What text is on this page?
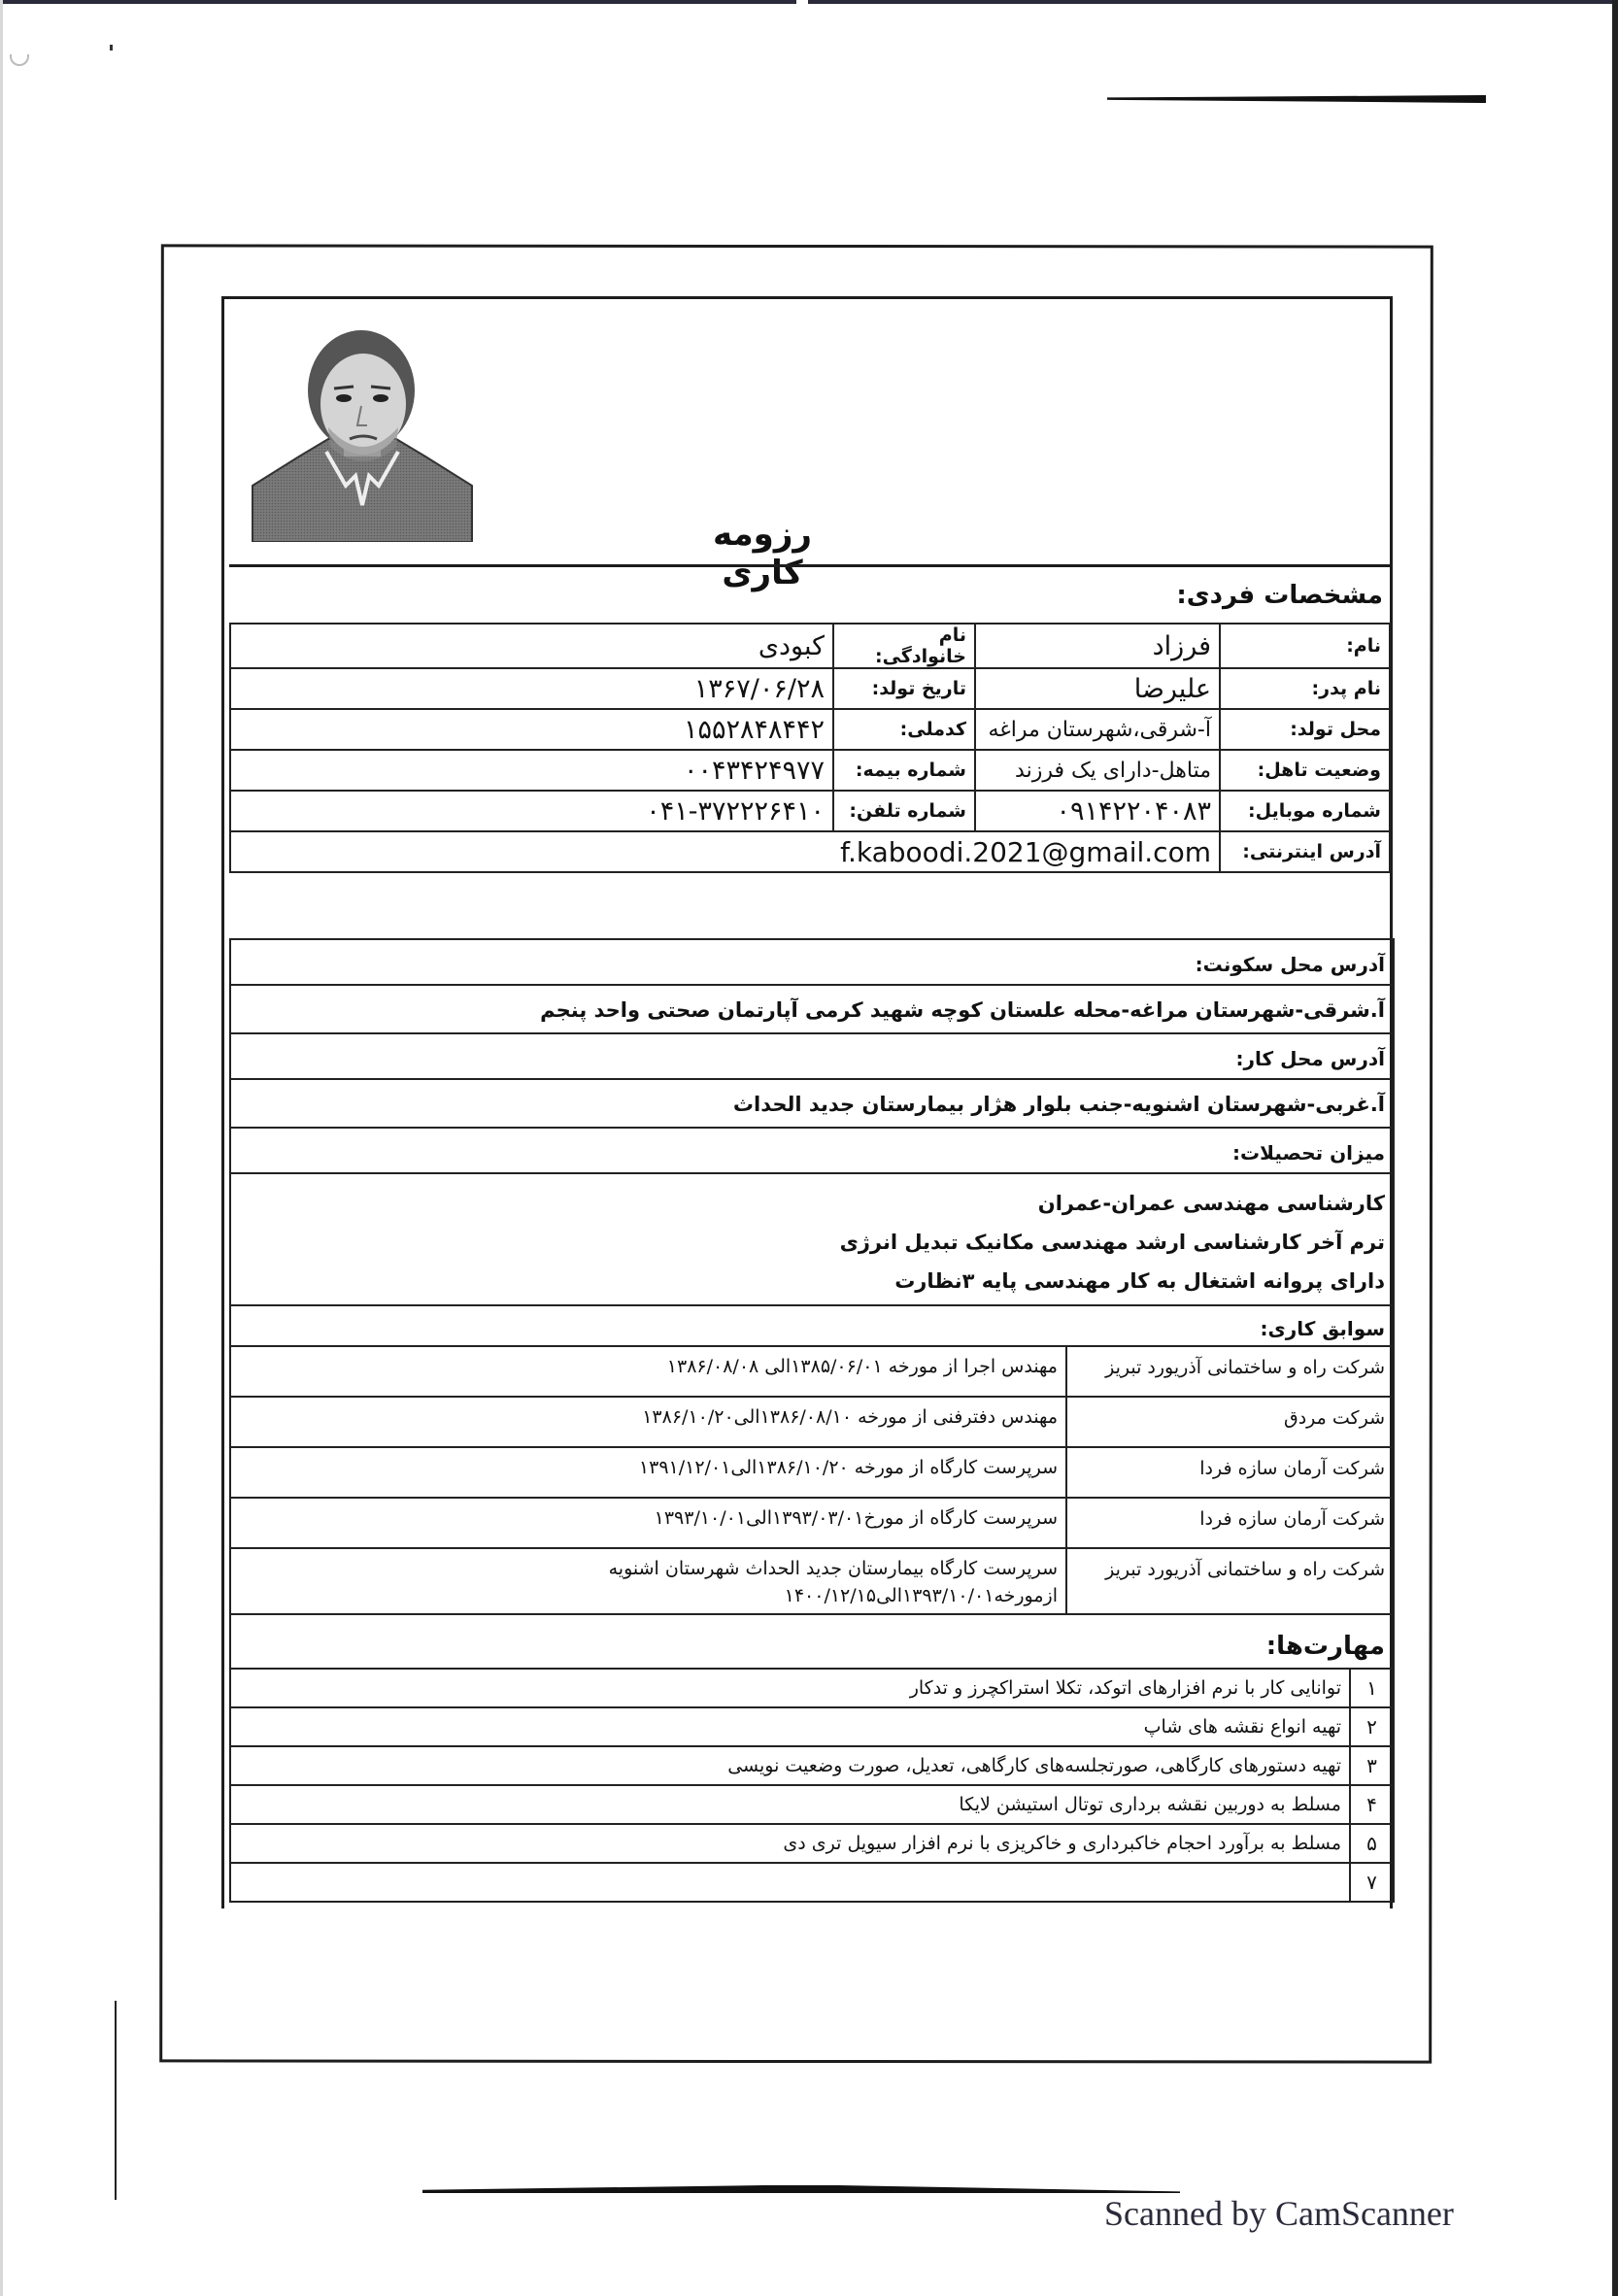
رزومه کاری
مشخصات فردی:
نام:	فرزاد	نام خانوادگی:	کبودی
نام پدر:	علیرضا	تاریخ تولد:	۱۳۶۷/۰۶/۲۸
محل تولد:	آ-شرقی،شهرستان مراغه	کدملی:	۱۵۵۲۸۴۸۴۴۲
وضعیت تاهل:	متاهل-دارای یک فرزند	شماره بیمه:	۰۰۴۳۴۲۴۹۷۷
شماره موبایل:	۰۹۱۴۲۲۰۴۰۸۳	شماره تلفن:	۰۴۱-۳۷۲۲۲۶۴۱۰
آدرس اینترنتی:	f.kaboodi.2021@gmail.com		
آدرس محل سکونت:
آ.شرقی-شهرستان مراغه-محله علستان کوچه شهید کرمی آپارتمان صحتی واحد پنجم
آدرس محل کار:
آ.غربی-شهرستان اشنویه-جنب بلوار هژار بیمارستان جدید الحداث
میزان تحصیلات:
کارشناسی مهندسی عمران-عمران
ترم آخر کارشناسی ارشد مهندسی مکانیک تبدیل انرژی
دارای پروانه اشتغال به کار مهندسی پایه ۳نظارت
سوابق کاری:
شرکت راه و ساختمانی آذریورد تبریز	مهندس اجرا از مورخه ۱۳۸۵/۰۶/۰۱الی ۱۳۸۶/۰۸/۰۸
شرکت مردق	مهندس دفترفنی از مورخه ۱۳۸۶/۰۸/۱۰الی۱۳۸۶/۱۰/۲۰
شرکت آرمان سازه فردا	سرپرست کارگاه از مورخه ۱۳۸۶/۱۰/۲۰الی۱۳۹۱/۱۲/۰۱
شرکت آرمان سازه فردا	سرپرست کارگاه از مورخ۱۳۹۳/۰۳/۰۱الی۱۳۹۳/۱۰/۰۱
شرکت راه و ساختمانی آذریورد تبریز	سرپرست کارگاه بیمارستان جدید الحداث شهرستان اشنویه
ازمورخه۱۳۹۳/۱۰/۰۱الی۱۴۰۰/۱۲/۱۵
مهارت‌ها:
۱	توانایی کار با نرم افزارهای اتوکد، تکلا استراکچرز و تدکار
۲	تهیه انواع نقشه های شاپ
۳	تهیه دستورهای کارگاهی، صورتجلسه‌های کارگاهی، تعدیل، صورت وضعیت نویسی
۴	مسلط به دوربین نقشه برداری توتال استیشن لایکا
۵	مسلط به برآورد احجام خاکبرداری و خاکریزی با نرم افزار سیویل تری دی
۷	
Scanned by CamScanner
